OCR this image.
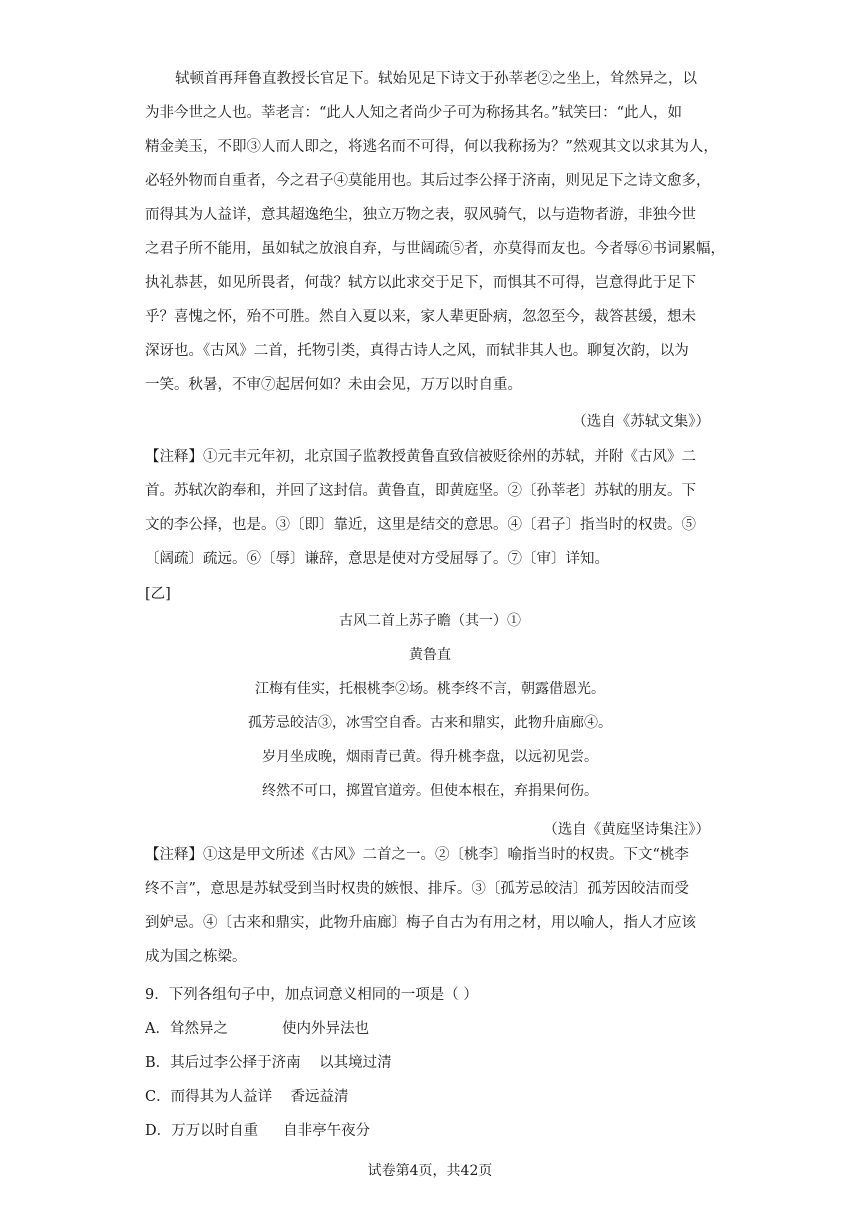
轼顿首再拜鲁直教授长官足下。轼始见足下诗文于孙莘老②之坐上，耸然异之，以

为非今世之人也。莘老言：“此人人知之者尚少子可为称扬其名。”轼笑曰：“此人，如

精金美玉，不即③人而人即之，将逃名而不可得，何以我称扬为？”然观其文以求其为人，

必轻外物而自重者，今之君子④莫能用也。其后过李公择于济南，则见足下之诗文愈多，

而得其为人益详，意其超逸绝尘，独立万物之表，驭风骑气，以与造物者游，非独今世

之君子所不能用，虽如轼之放浪自弃，与世阔疏⑤者，亦莫得而友也。今者辱⑥书词累幅，

执礼恭甚，如见所畏者，何哉？轼方以此求交于足下，而惧其不可得，岂意得此于足下

乎？喜愧之怀，殆不可胜。然自入夏以来，家人辈更卧病，忽忽至今，裁答甚缓，想未

深讶也。《古风》二首，托物引类，真得古诗人之风，而轼非其人也。聊复次韵，以为

一笑。秋暑，不审⑦起居何如？未由会见，万万以时自重。

（选自《苏轼文集》）

【注释】①元丰元年初，北京国子监教授黄鲁直致信被贬徐州的苏轼，并附《古风》二

首。苏轼次韵奉和，并回了这封信。黄鲁直，即黄庭坚。②〔孙莘老〕苏轼的朋友。下

文的李公择，也是。③〔即〕靠近，这里是结交的意思。④〔君子〕指当时的权贵。⑤

〔阔疏〕疏远。⑥〔辱〕谦辞，意思是使对方受屈辱了。⑦〔审〕详知。

[乙]

古风二首上苏子瞻（其一）①

黄鲁直

江梅有佳实，托根桃李②场。桃李终不言，朝露借恩光。

孤芳忌皎洁③，冰雪空自香。古来和鼎实，此物升庙廊④。

岁月坐成晚，烟雨青已黄。得升桃李盘，以远初见尝。

终然不可口，掷置官道旁。但使本根在，弃捐果何伤。

（选自《黄庭坚诗集注》）

【注释】①这是甲文所述《古风》二首之一。②〔桃李〕喻指当时的权贵。下文“桃李

终不言”，意思是苏轼受到当时权贵的嫉恨、排斥。③〔孤芳忌皎洁〕孤芳因皎洁而受

到妒忌。④〔古来和鼎实，此物升庙廊〕梅子自古为有用之材，用以喻人，指人才应该

成为国之栋梁。

9．下列各组句子中，加点词意义相同的一项是（ ）

A．耸然异之	使内外异法也

B．其后过李公择于济南 以其境过清

C．而得其为人益详 香远益清

D．万万以时自重 自非亭午夜分

试卷第4页，共42页
